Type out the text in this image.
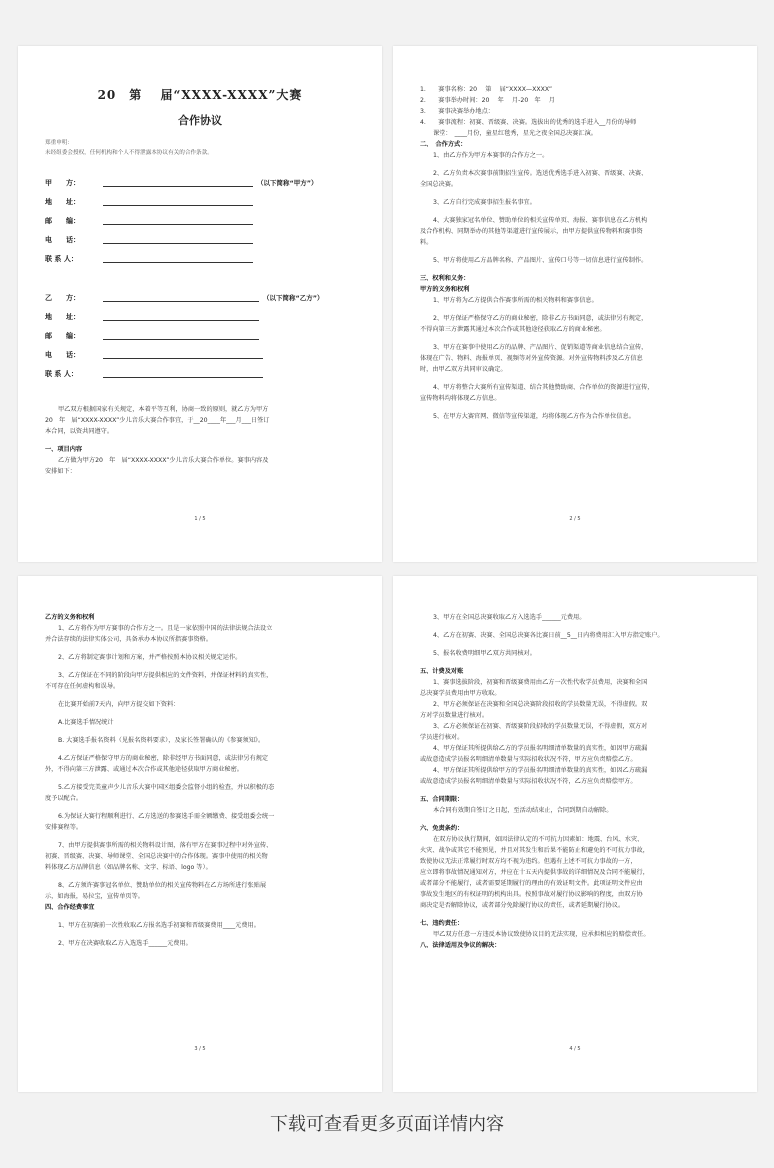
20　第　 届“XXXX-XXXX”大赛
合作协议
郑重申明：
未经组委会授权，任何机构和个人不得泄露本协议有关的合作条款。
甲　　方：	（以下简称“甲方”）
地　　址：
邮　　编：
电　　话：
联 系 人：
乙　　方：	（以下简称“乙方”）
地　　址：
邮　　编：
电　　话：
联 系 人：

甲乙双方根据国家有关规定，本着平等互利，协商一致的原则，就乙方为甲方

20　年　届“XXXX-XXXX”少儿音乐大赛合作事宜，于__20____年___月___日签订

本合同，以资共同遵守。

一、项目内容

乙方做为甲方20　年　届“XXXX-XXXX”少儿音乐大赛合作单位。赛事内容及

安排如下：

1 / 5

1.　　赛事名称：20　 第　 届“XXXX—XXXX”

2.　　赛事举办时间：20　 年　 月-20　年　 月

3.　　赛事决赛举办地点：

4.　　赛事流程：初赛、晋级赛、决赛。选拔出的优秀的选手进入__月份的导师

课堂：　____月份，童星红毯秀，星光之夜全国总决赛汇演。

二、　合作方式：

1、由乙方作为甲方本赛事的合作方之一。

2、乙方负责本次赛事前期招生宣传。选送优秀选手进入初赛、晋级赛、决赛、

全国总决赛。

3、乙方自行完成赛事招生报名事宜。

4、大赛独家冠名单位、赞助单位的相关宣传单页、海报、赛事信息在乙方机构

及合作机构、同期举办的其他等渠道进行宣传展示，由甲方提供宣传物料和赛事资

料。

5、甲方将使用乙方品牌名称、产品图片、宣传口号等一切信息进行宣传制作。

三、权利和义务：

甲方的义务和权利

1、甲方将为乙方提供合作赛事所需的相关物料和赛事信息。

2、甲方保证严格保守乙方的商业秘密，除非乙方书面同意，或法律另有规定，

不得向第三方泄露其通过本次合作或其他途径获取乙方的商业秘密。

3、甲方在赛事中使用乙方的品牌、产品图片、促销渠道等商业信息结合宣传，

体现在广告、物料、海报单页、视频等对外宣传资源。对外宣传物料涉及乙方信息

时，由甲乙双方共同审议确定。

4、甲方将整合大赛所有宣传渠道、结合其他赞助商、合作单位的资源进行宣传，

宣传物料均将体现乙方信息。

5、在甲方大赛官网、微信等宣传渠道，均将体现乙方作为合作单位信息。

2 / 5

乙方的义务和权利

1、乙方将作为甲方赛事的合作方之一。且是一家依照中国的法律法规合法设立

并合法存续的法律实体公司，具备承办本协议所指赛事资格。

2、乙方将制定赛事计划和方案，并严格按照本协议相关规定运作。

3、乙方保证在不同的阶段向甲方提供相应的文件资料，并保证材料的真实性，

不可存在任何虚构和误导。

在比赛开始前7天内，向甲方提交如下资料：

A.比赛选手情况统计

B. 大赛选手报名资料（见报名资料要求），及家长签署确认的《参赛须知》。

4.乙方保证严格保守甲方的商业秘密，除非经甲方书面同意，或法律另有规定

外，不得向第三方泄露、或通过本次合作或其他途径获取甲方商业秘密。

5.乙方接受完美童声少儿音乐大赛中国区组委会监督小组的检查，并以积极的态

度予以配合。

6.为保证大赛行程顺利进行、乙方选送的参赛选手需全额缴费、接受组委会统一

安排赛程等。

7、由甲方提供赛事所需的相关物料设计图，落有甲方在赛事过程中对外宣传、

初赛、晋级赛、决赛、导师课堂、全国总决赛中的合作体现。赛事中使用的相关物

料体现乙方品牌信息（如品牌名称、文字、标语、logo 等）。

8、乙方须许赛事冠名单位、赞助单位的相关宣传物料在乙方场所进行张贴展

示，如海报，易拉宝，宣传单页等。

四、合作经费事宜

1、甲方在初赛前一次性收取乙方报名选手初赛和晋级赛费用____元费用。

2、甲方在决赛收取乙方入选选手______元费用。

3 / 5

3、甲方在全国总决赛收取乙方入选选手______元费用。

4、乙方在初赛、决赛、全国总决赛各比赛日前__5__日内将费用汇入甲方指定账户。

5、报名收费明细甲乙双方共同核对。

五、计费及对账

1、赛事选拔阶段，初赛和晋级赛费用由乙方一次性代收学员费用，决赛和全国

总决赛学员费用由甲方收取。

2、甲方必须保证在决赛和全国总决赛阶段招收的学员数量无误，不得虚假。双

方对学员数量进行核对。

3、乙方必须保证在初赛、晋级赛阶段招收的学员数量无误，不得虚假，双方对

学员进行核对。

4、甲方保证其所提供给乙方的学员报名明细清单数量的真实性，如因甲方疏漏

或故意造成学员报名明细清单数量与实际招收状况不符，甲方应负责赔偿乙方。

4、甲方保证其所提供给甲方的学员报名明细清单数量的真实性，如因乙方疏漏

或故意造成学员报名明细清单数量与实际招收状况不符，乙方应负责赔偿甲方。

五、合同期限：

本合同有效期自签订之日起，至活动结束止，合同到期自动解除。

六、免责条约：

在双方协议执行期间，如因法律认定的不可抗力因素如：地震、台风、水灾、

火灾、战争或其它不能预见，并且对其发生和后果不能防止和避免的不可抗力事故，

致使协议无法正常履行时双方均不视为违约。但遇有上述不可抗力事故的一方，

应立即将事故情况通知对方，并应在十五天内提供事故的详细情况及合同不能履行，

或者部分不能履行，或者需要延期履行的理由的有效证明文件。此项证明文件应由

事故发生地区的有权证明的机构出具。按照事故对履行协议影响的程度，由双方协

商决定是否解除协议，或者部分免除履行协议的责任，或者延期履行协议。

七、违约责任：

甲乙双方任意一方违反本协议致使协议目的无法实现，应承担相应的赔偿责任。

八、法律适用及争议的解决：

4 / 5
下载可查看更多页面详情内容
